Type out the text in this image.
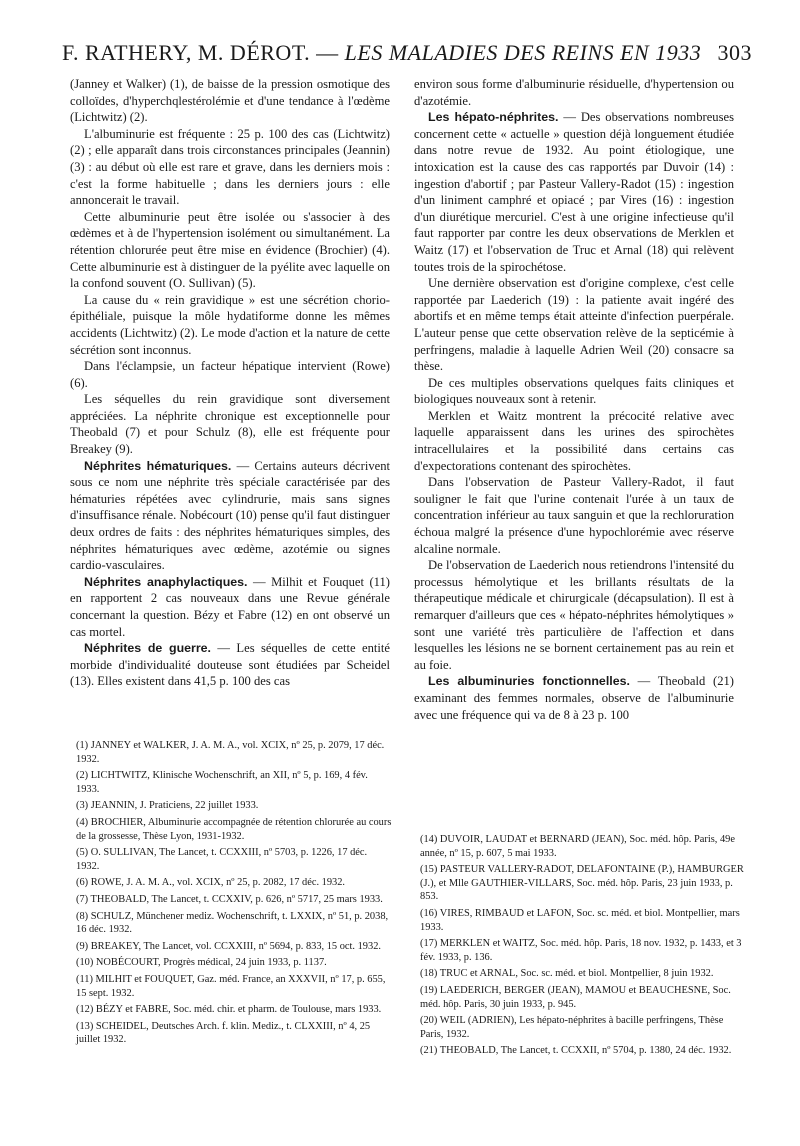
F. RATHERY, M. DÉROT. — LES MALADIES DES REINS EN 1933 303

(Janney et Walker) (1), de baisse de la pression osmotique des colloïdes, d'hyperchqlestérolémie et d'une tendance à l'œdème (Lichtwitz) (2).

L'albuminurie est fréquente : 25 p. 100 des cas (Lichtwitz) (2) ; elle apparaît dans trois circonstances principales (Jeannin) (3) : au début où elle est rare et grave, dans les derniers mois : c'est la forme habituelle ; dans les derniers jours : elle annoncerait le travail.

Cette albuminurie peut être isolée ou s'associer à des œdèmes et à de l'hypertension isolément ou simultanément. La rétention chlorurée peut être mise en évidence (Brochier) (4). Cette albuminurie est à distinguer de la pyélite avec laquelle on la confond souvent (O. Sullivan) (5).

La cause du « rein gravidique » est une sécrétion chorio-épithéliale, puisque la môle hydatiforme donne les mêmes accidents (Lichtwitz) (2). Le mode d'action et la nature de cette sécrétion sont inconnus.

Dans l'éclampsie, un facteur hépatique intervient (Rowe) (6).

Les séquelles du rein gravidique sont diversement appréciées. La néphrite chronique est exceptionnelle pour Theobald (7) et pour Schulz (8), elle est fréquente pour Breakey (9).

Néphrites hématuriques. — Certains auteurs décrivent sous ce nom une néphrite très spéciale caractérisée par des hématuries répétées avec cylindrurie, mais sans signes d'insuffisance rénale. Nobécourt (10) pense qu'il faut distinguer deux ordres de faits : des néphrites hématuriques simples, des néphrites hématuriques avec œdème, azotémie ou signes cardio-vasculaires.

Néphrites anaphylactiques. — Milhit et Fouquet (11) en rapportent 2 cas nouveaux dans une Revue générale concernant la question. Bézy et Fabre (12) en ont observé un cas mortel.

Néphrites de guerre. — Les séquelles de cette entité morbide d'individualité douteuse sont étudiées par Scheidel (13). Elles existent dans 41,5 p. 100 des cas

environ sous forme d'albuminurie résiduelle, d'hypertension ou d'azotémie.

Les hépato-néphrites. — Des observations nombreuses concernent cette « actuelle » question déjà longuement étudiée dans notre revue de 1932. Au point étiologique, une intoxication est la cause des cas rapportés par Duvoir (14) : ingestion d'abortif ; par Pasteur Vallery-Radot (15) : ingestion d'un liniment camphré et opiacé ; par Vires (16) : ingestion d'un diurétique mercuriel. C'est à une origine infectieuse qu'il faut rapporter par contre les deux observations de Merklen et Waitz (17) et l'observation de Truc et Arnal (18) qui relèvent toutes trois de la spirochétose.

Une dernière observation est d'origine complexe, c'est celle rapportée par Laederich (19) : la patiente avait ingéré des abortifs et en même temps était atteinte d'infection puerpérale. L'auteur pense que cette observation relève de la septicémie à perfringens, maladie à laquelle Adrien Weil (20) consacre sa thèse.

De ces multiples observations quelques faits cliniques et biologiques nouveaux sont à retenir.

Merklen et Waitz montrent la précocité relative avec laquelle apparaissent dans les urines des spirochètes intracellulaires et la possibilité dans certains cas d'expectorations contenant des spirochètes.

Dans l'observation de Pasteur Vallery-Radot, il faut souligner le fait que l'urine contenait l'urée à un taux de concentration inférieur au taux sanguin et que la rechloruration échoua malgré la présence d'une hypochlorémie avec réserve alcaline normale.

De l'observation de Laederich nous retiendrons l'intensité du processus hémolytique et les brillants résultats de la thérapeutique médicale et chirurgicale (décapsulation). Il est à remarquer d'ailleurs que ces « hépato-néphrites hémolytiques » sont une variété très particulière de l'affection et dans lesquelles les lésions ne se bornent certainement pas au rein et au foie.

Les albuminuries fonctionnelles. — Theobald (21) examinant des femmes normales, observe de l'albuminurie avec une fréquence qui va de 8 à 23 p. 100

(1) JANNEY et WALKER, J. A. M. A., vol. XCIX, nº 25, p. 2079, 17 déc. 1932.

(2) LICHTWITZ, Klinische Wochenschrift, an XII, nº 5, p. 169, 4 fév. 1933.

(3) JEANNIN, J. Praticiens, 22 juillet 1933.

(4) BROCHIER, Albuminurie accompagnée de rétention chlorurée au cours de la grossesse, Thèse Lyon, 1931-1932.

(5) O. SULLIVAN, The Lancet, t. CCXXIII, nº 5703, p. 1226, 17 déc. 1932.

(6) ROWE, J. A. M. A., vol. XCIX, nº 25, p. 2082, 17 déc. 1932.

(7) THEOBALD, The Lancet, t. CCXXIV, p. 626, nº 5717, 25 mars 1933.

(8) SCHULZ, Münchener mediz. Wochenschrift, t. LXXIX, nº 51, p. 2038, 16 déc. 1932.

(9) BREAKEY, The Lancet, vol. CCXXIII, nº 5694, p. 833, 15 oct. 1932.

(10) NOBÉCOURT, Progrès médical, 24 juin 1933, p. 1137.

(11) MILHIT et FOUQUET, Gaz. méd. France, an XXXVII, nº 17, p. 655, 15 sept. 1932.

(12) BÉZY et FABRE, Soc. méd. chir. et pharm. de Toulouse, mars 1933.

(13) SCHEIDEL, Deutsches Arch. f. klin. Mediz., t. CLXXIII, nº 4, 25 juillet 1932.

(14) DUVOIR, LAUDAT et BERNARD (JEAN), Soc. méd. hôp. Paris, 49e année, nº 15, p. 607, 5 mai 1933.

(15) PASTEUR VALLERY-RADOT, DELAFONTAINE (P.), HAMBURGER (J.), et Mlle GAUTHIER-VILLARS, Soc. méd. hôp. Paris, 23 juin 1933, p. 853.

(16) VIRES, RIMBAUD et LAFON, Soc. sc. méd. et biol. Montpellier, mars 1933.

(17) MERKLEN et WAITZ, Soc. méd. hôp. Paris, 18 nov. 1932, p. 1433, et 3 fév. 1933, p. 136.

(18) TRUC et ARNAL, Soc. sc. méd. et biol. Montpellier, 8 juin 1932.

(19) LAEDERICH, BERGER (JEAN), MAMOU et BEAUCHESNE, Soc. méd. hôp. Paris, 30 juin 1933, p. 945.

(20) WEIL (ADRIEN), Les hépato-néphrites à bacille perfringens, Thèse Paris, 1932.

(21) THEOBALD, The Lancet, t. CCXXII, nº 5704, p. 1380, 24 déc. 1932.
